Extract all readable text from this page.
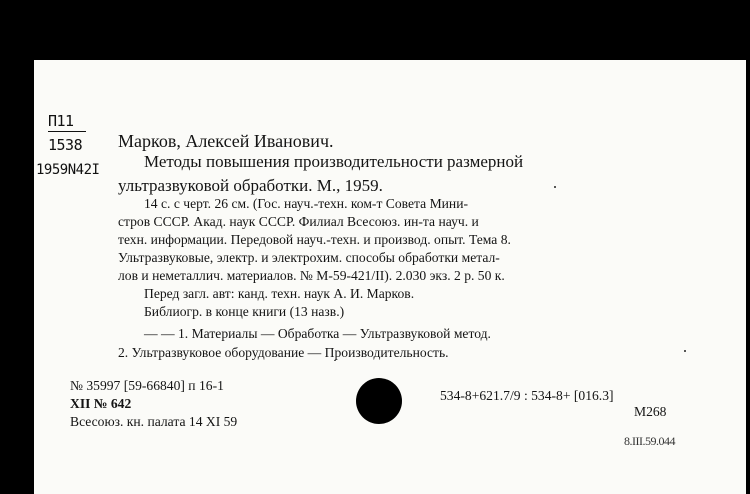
П11
1538
1959N42I
Марков, Алексей Иванович.
Методы повышения производительности размерной
ультразвуковой обработки. М., 1959.
14 с. с черт. 26 см. (Гос. науч.-техн. ком-т Совета Мини-
стров СССР. Акад. наук СССР. Филиал Всесоюз. ин-та науч. и
техн. информации. Передовой науч.-техн. и производ. опыт. Тема 8.
Ультразвуковые, электр. и электрохим. способы обработки метал-
лов и неметаллич. материалов. № М-59-421/II). 2.030 экз. 2 р. 50 к.
Перед загл. авт: канд. техн. наук А. И. Марков.
Библиогр. в конце книги (13 назв.)
— — 1. Материалы — Обработка — Ультразвуковой метод.
2. Ультразвуковое оборудование — Производительность.
№ 35997 [59-66840] п 16-1
XII № 642
Всесоюз. кн. палата 14 XI 59
534-8+621.7/9 : 534-8+ [016.3]
М268
8.III.59.044
